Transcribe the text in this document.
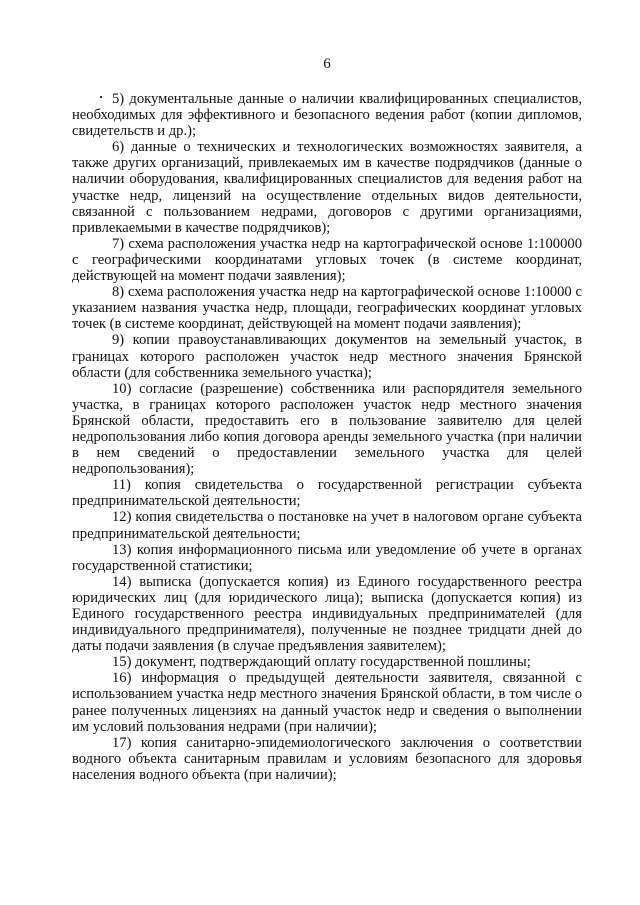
6

5) документальные данные о наличии квалифицированных специалистов, необходимых для эффективного и безопасного ведения работ (копии дипломов, свидетельств и др.);

6) данные о технических и технологических возможностях заявителя, а также других организаций, привлекаемых им в качестве подрядчиков (данные о наличии оборудования, квалифицированных специалистов для ведения работ на участке недр, лицензий на осуществление отдельных видов деятельности, связанной с пользованием недрами, договоров с другими организациями, привлекаемыми в качестве подрядчиков);

7) схема расположения участка недр на картографической основе 1:100000 с географическими координатами угловых точек (в системе координат, действующей на момент подачи заявления);

8) схема расположения участка недр на картографической основе 1:10000 с указанием названия участка недр, площади, географических координат угловых точек (в системе координат, действующей на момент подачи заявления);

9) копии правоустанавливающих документов на земельный участок, в границах которого расположен участок недр местного значения Брянской области (для собственника земельного участка);

10) согласие (разрешение) собственника или распорядителя земельного участка, в границах которого расположен участок недр местного значения Брянской области, предоставить его в пользование заявителю для целей недропользования либо копия договора аренды земельного участка (при наличии в нем сведений о предоставлении земельного участка для целей недропользования);

11) копия свидетельства о государственной регистрации субъекта предпринимательской деятельности;

12) копия свидетельства о постановке на учет в налоговом органе субъекта предпринимательской деятельности;

13) копия информационного письма или уведомление об учете в органах государственной статистики;

14) выписка (допускается копия) из Единого государственного реестра юридических лиц (для юридического лица); выписка (допускается копия) из Единого государственного реестра индивидуальных предпринимателей (для индивидуального предпринимателя), полученные не позднее тридцати дней до даты подачи заявления (в случае предъявления заявителем);

15) документ, подтверждающий оплату государственной пошлины;

16) информация о предыдущей деятельности заявителя, связанной с использованием участка недр местного значения Брянской области, в том числе о ранее полученных лицензиях на данный участок недр и сведения о выполнении им условий пользования недрами (при наличии);

17) копия санитарно-эпидемиологического заключения о соответствии водного объекта санитарным правилам и условиям безопасного для здоровья населения водного объекта (при наличии);
